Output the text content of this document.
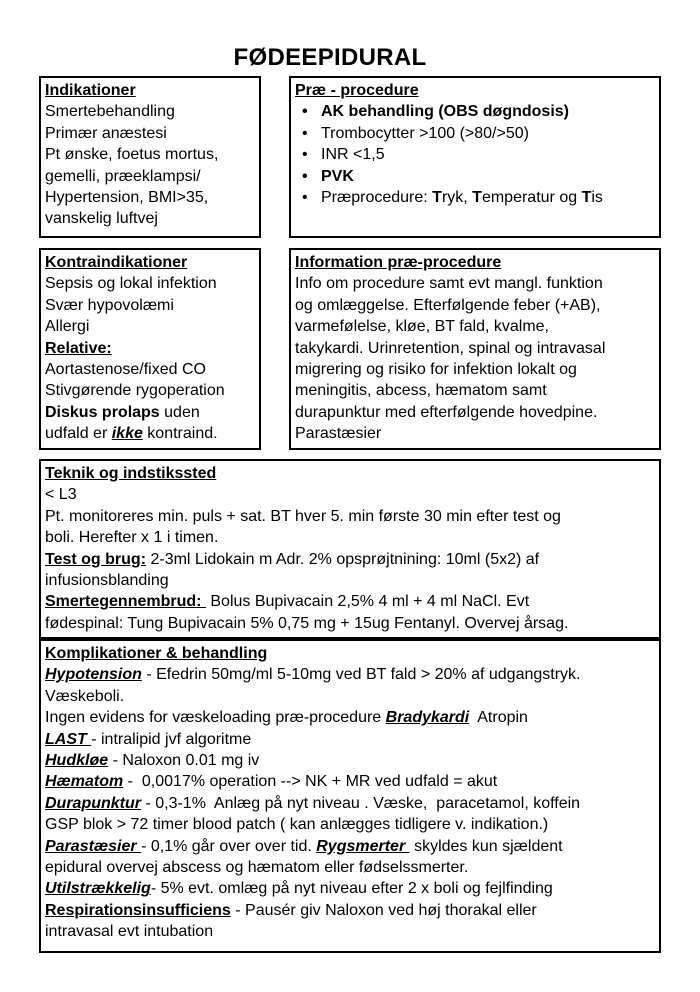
FØDEEPIDURAL
Indikationer
Smertebehandling
Primær anæstesi
Pt ønske, foetus mortus,
gemelli, præeklampsi/
Hypertension, BMI>35,
vanskelig luftvej
Præ - procedure
• AK behandling (OBS døgndosis)
• Trombocytter >100 (>80/>50)
• INR <1,5
• PVK
• Præprocedure: Tryk, Temperatur og Tis
Kontraindikationer
Sepsis og lokal infektion
Svær hypovolæmi
Allergi
Relative:
Aortastenose/fixed CO
Stivgørende rygoperation
Diskus prolaps uden
udfald er ikke kontraind.
Information præ-procedure
Info om procedure samt evt mangl. funktion
og omlæggelse. Efterfølgende feber (+AB),
varmefølelse, kløe, BT fald, kvalme,
takykardi. Urinretention, spinal og intravasal
migrering og risiko for infektion lokalt og
meningitis, abcess, hæmatom samt
durapunktur med efterfølgende hovedpine.
Parastæsier
Teknik og indstikssted
< L3
Pt. monitoreres min. puls + sat. BT hver 5. min første 30 min efter test og
boli. Herefter x 1 i timen.
Test og brug: 2-3ml Lidokain m Adr. 2% opsprøjtnining: 10ml (5x2) af
infusionsblanding
Smertegennembrud:  Bolus Bupivacain 2,5% 4 ml + 4 ml NaCl. Evt
fødespinal: Tung Bupivacain 5% 0,75 mg + 15ug Fentanyl. Overvej årsag.
Komplikationer & behandling
Hypotension - Efedrin 50mg/ml 5-10mg ved BT fald > 20% af udgangstryk.
Væskeboli.
Ingen evidens for væskeloading præ-procedure Bradykardi  Atropin
LAST - intralipid jvf algoritme
Hudkløe - Naloxon 0.01 mg iv
Hæmatom -  0,0017% operation --> NK + MR ved udfald = akut
Durapunktur - 0,3-1%  Anlæg på nyt niveau . Væske,  paracetamol, koffein
GSP blok > 72 timer blood patch ( kan anlægges tidligere v. indikation.)
Parastæsier - 0,1% går over over tid. Rygsmerter  skyldes kun sjældent
epidural overvej abscess og hæmatom eller fødselssmerter.
Utilstrækkelig- 5% evt. omlæg på nyt niveau efter 2 x boli og fejlfinding
Respirationsinsufficiens - Pausér giv Naloxon ved høj thorakal eller
intravasal evt intubation
